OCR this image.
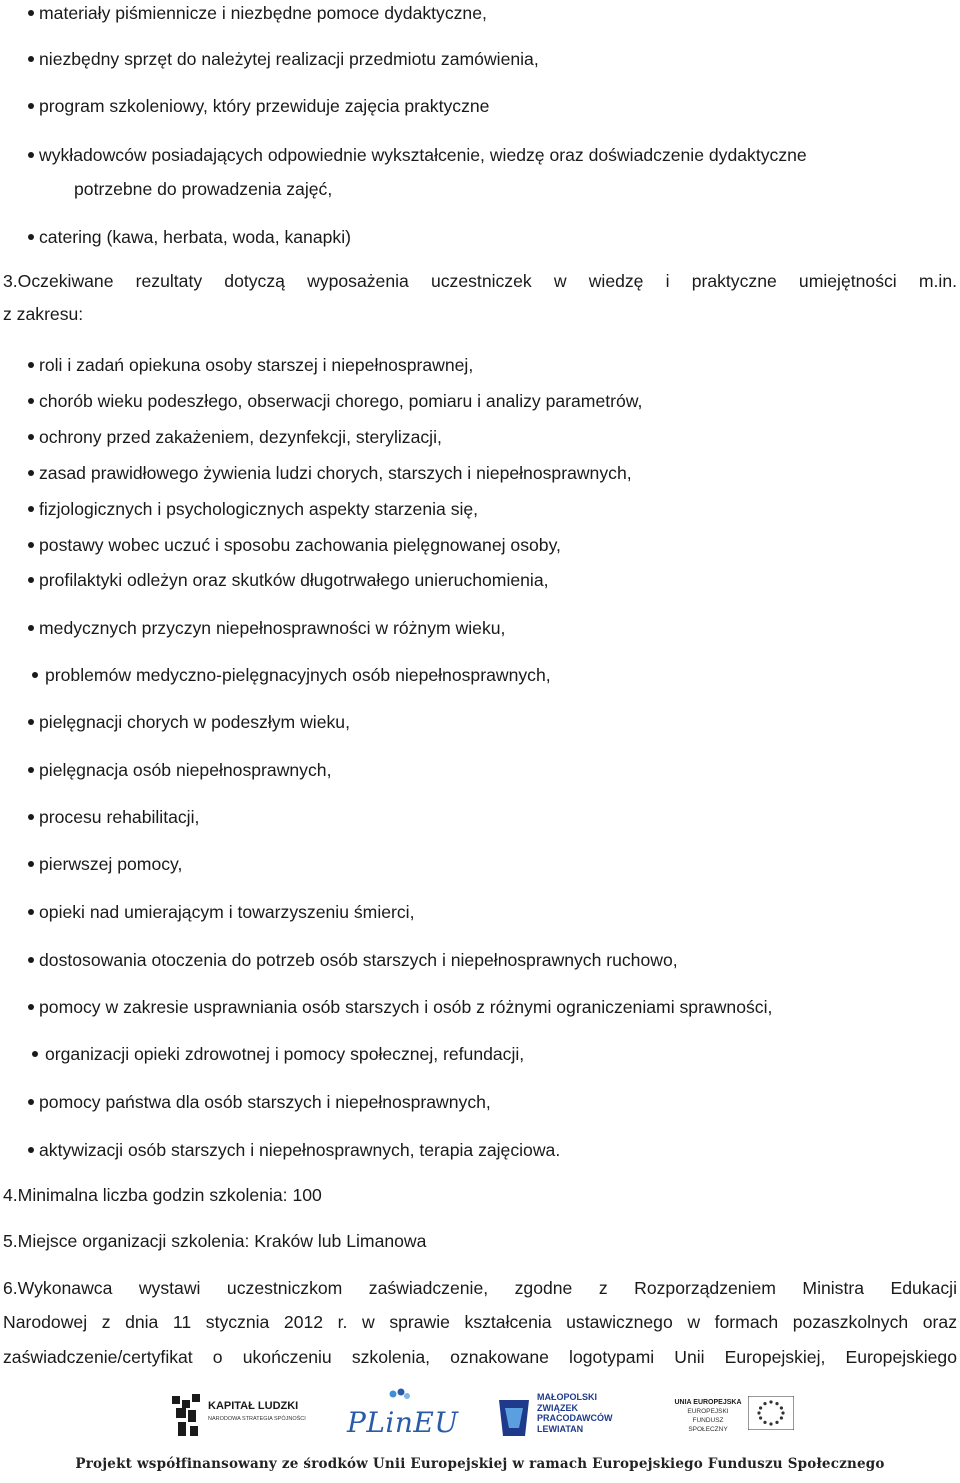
materiały piśmiennicze i niezbędne pomoce dydaktyczne,
niezbędny sprzęt do należytej realizacji przedmiotu zamówienia,
program szkoleniowy, który przewiduje zajęcia praktyczne
wykładowców posiadających odpowiednie wykształcenie, wiedzę oraz doświadczenie dydaktyczne
potrzebne do prowadzenia zajęć,
catering (kawa, herbata, woda, kanapki)
3.Oczekiwane rezultaty dotyczą wyposażenia uczestniczek w wiedzę i praktyczne umiejętności m.in.
z zakresu:
roli i zadań opiekuna osoby starszej i niepełnosprawnej,
chorób wieku podeszłego, obserwacji chorego, pomiaru i analizy parametrów,
ochrony przed zakażeniem, dezynfekcji, sterylizacji,
zasad prawidłowego żywienia ludzi chorych, starszych i niepełnosprawnych,
fizjologicznych i psychologicznych aspekty starzenia się,
postawy wobec uczuć i sposobu zachowania pielęgnowanej osoby,
profilaktyki odleżyn oraz skutków długotrwałego unieruchomienia,
medycznych przyczyn niepełnosprawności w różnym wieku,
problemów medyczno-pielęgnacyjnych osób niepełnosprawnych,
pielęgnacji chorych w podeszłym wieku,
pielęgnacja osób niepełnosprawnych,
procesu rehabilitacji,
pierwszej pomocy,
opieki nad umierającym i towarzyszeniu śmierci,
dostosowania otoczenia do potrzeb osób starszych i niepełnosprawnych ruchowo,
pomocy w zakresie usprawniania osób starszych i osób z różnymi ograniczeniami sprawności,
organizacji opieki zdrowotnej i pomocy społecznej, refundacji,
pomocy państwa dla osób starszych i niepełnosprawnych,
aktywizacji osób starszych i niepełnosprawnych, terapia zajęciowa.
4.Minimalna liczba godzin szkolenia: 100
5.Miejsce organizacji szkolenia: Kraków lub Limanowa
6.Wykonawca wystawi uczestniczkom zaświadczenie, zgodne z Rozporządzeniem Ministra Edukacji
Narodowej z dnia 11 stycznia 2012 r. w sprawie kształcenia ustawicznego w formach pozaszkolnych oraz
zaświadczenie/certyfikat o ukończeniu szkolenia, oznakowane logotypami Unii Europejskiej, Europejskiego
KAPITAŁ LUDZKI
NARODOWA STRATEGIA SPÓJNOŚCI PLinEU
MAŁOPOLSKI
ZWIĄZEK
PRACODAWCÓW
LEWIATAN
UNIA EUROPEJSKA
EUROPEJSKI
FUNDUSZ SPOŁECZNY
Projekt współfinansowany ze środków Unii Europejskiej w ramach Europejskiego Funduszu Społecznego
